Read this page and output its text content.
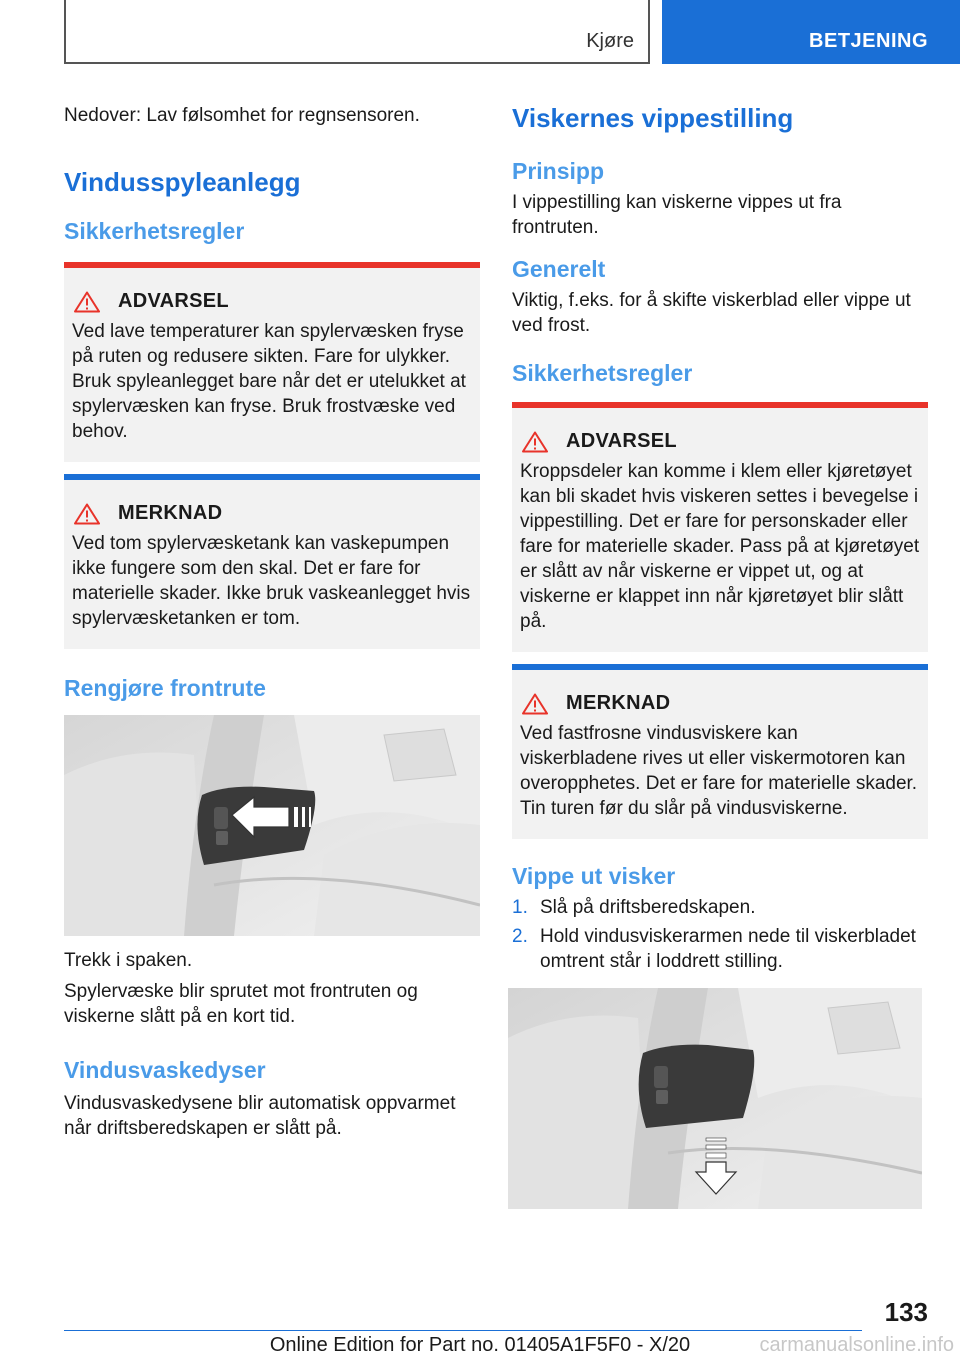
Kjøre	BETJENING

Nedover: Lav følsomhet for regnsensoren.

Vindusspyleanlegg
Sikkerhetsregler
ADVARSEL

Ved lave temperaturer kan spylervæsken fryse på ruten og redusere sikten. Fare for ulykker. Bruk spyleanlegget bare når det er utelukket at spylervæsken kan fryse. Bruk frostvæske ved behov.

MERKNAD

Ved tom spylervæsketank kan vaskepumpen ikke fungere som den skal. Det er fare for materielle skader. Ikke bruk vaskeanlegget hvis spylervæsketanken er tom.

Rengjøre frontrute

Trekk i spaken.

Spylervæske blir sprutet mot frontruten og viskerne slått på en kort tid.

Vindusvaskedyser

Vindusvaskedysene blir automatisk oppvarmet når driftsberedskapen er slått på.

Viskernes vippestilling
Prinsipp

I vippestilling kan viskerne vippes ut fra frontruten.

Generelt

Viktig, f.eks. for å skifte viskerblad eller vippe ut ved frost.

Sikkerhetsregler
ADVARSEL

Kroppsdeler kan komme i klem eller kjøretøyet kan bli skadet hvis viskeren settes i bevegelse i vippestilling. Det er fare for personskader eller fare for materielle skader. Pass på at kjøretøyet er slått av når viskerne er vippet ut, og at viskerne er klappet inn når kjøretøyet blir slått på.

MERKNAD

Ved fastfrosne vindusviskere kan viskerbladene rives ut eller viskermotoren kan overopphetes. Det er fare for materielle skader. Tin turen før du slår på vindusviskerne.

Vippe ut visker
1. Slå på driftsberedskapen.
2. Hold vindusviskerarmen nede til viskerbladet omtrent står i loddrett stilling.
133
Online Edition for Part no. 01405A1F5F0 - X/20	carmanualsonline.info
